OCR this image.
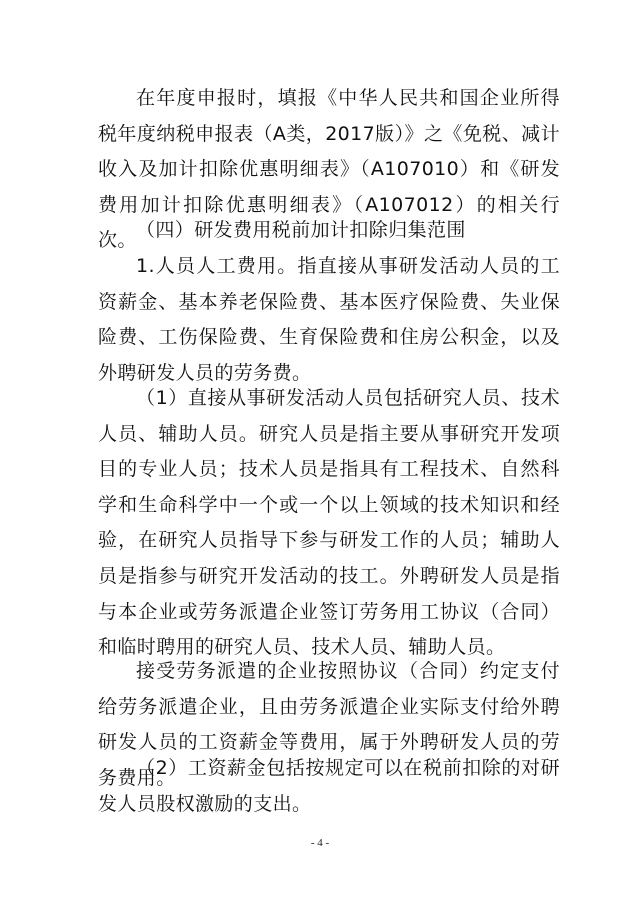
在年度申报时，填报《中华人民共和国企业所得税年度纳税申报表（A类，2017版）》之《免税、减计收入及加计扣除优惠明细表》（A107010）和《研发费用加计扣除优惠明细表》（A107012）的相关行次。 （四）研发费用税前加计扣除归集范围

1.人员人工费用。指直接从事研发活动人员的工资薪金、基本养老保险费、基本医疗保险费、失业保险费、工伤保险费、生育保险费和住房公积金，以及外聘研发人员的劳务费。

（1）直接从事研发活动人员包括研究人员、技术人员、辅助人员。研究人员是指主要从事研究开发项目的专业人员；技术人员是指具有工程技术、自然科学和生命科学中一个或一个以上领域的技术知识和经验，在研究人员指导下参与研发工作的人员；辅助人员是指参与研究开发活动的技工。外聘研发人员是指与本企业或劳务派遣企业签订劳务用工协议（合同）和临时聘用的研究人员、技术人员、辅助人员。

接受劳务派遣的企业按照协议（合同）约定支付给劳务派遣企业，且由劳务派遣企业实际支付给外聘研发人员的工资薪金等费用，属于外聘研发人员的劳务费用。

（2）工资薪金包括按规定可以在税前扣除的对研发人员股权激励的支出。

- 4 -
